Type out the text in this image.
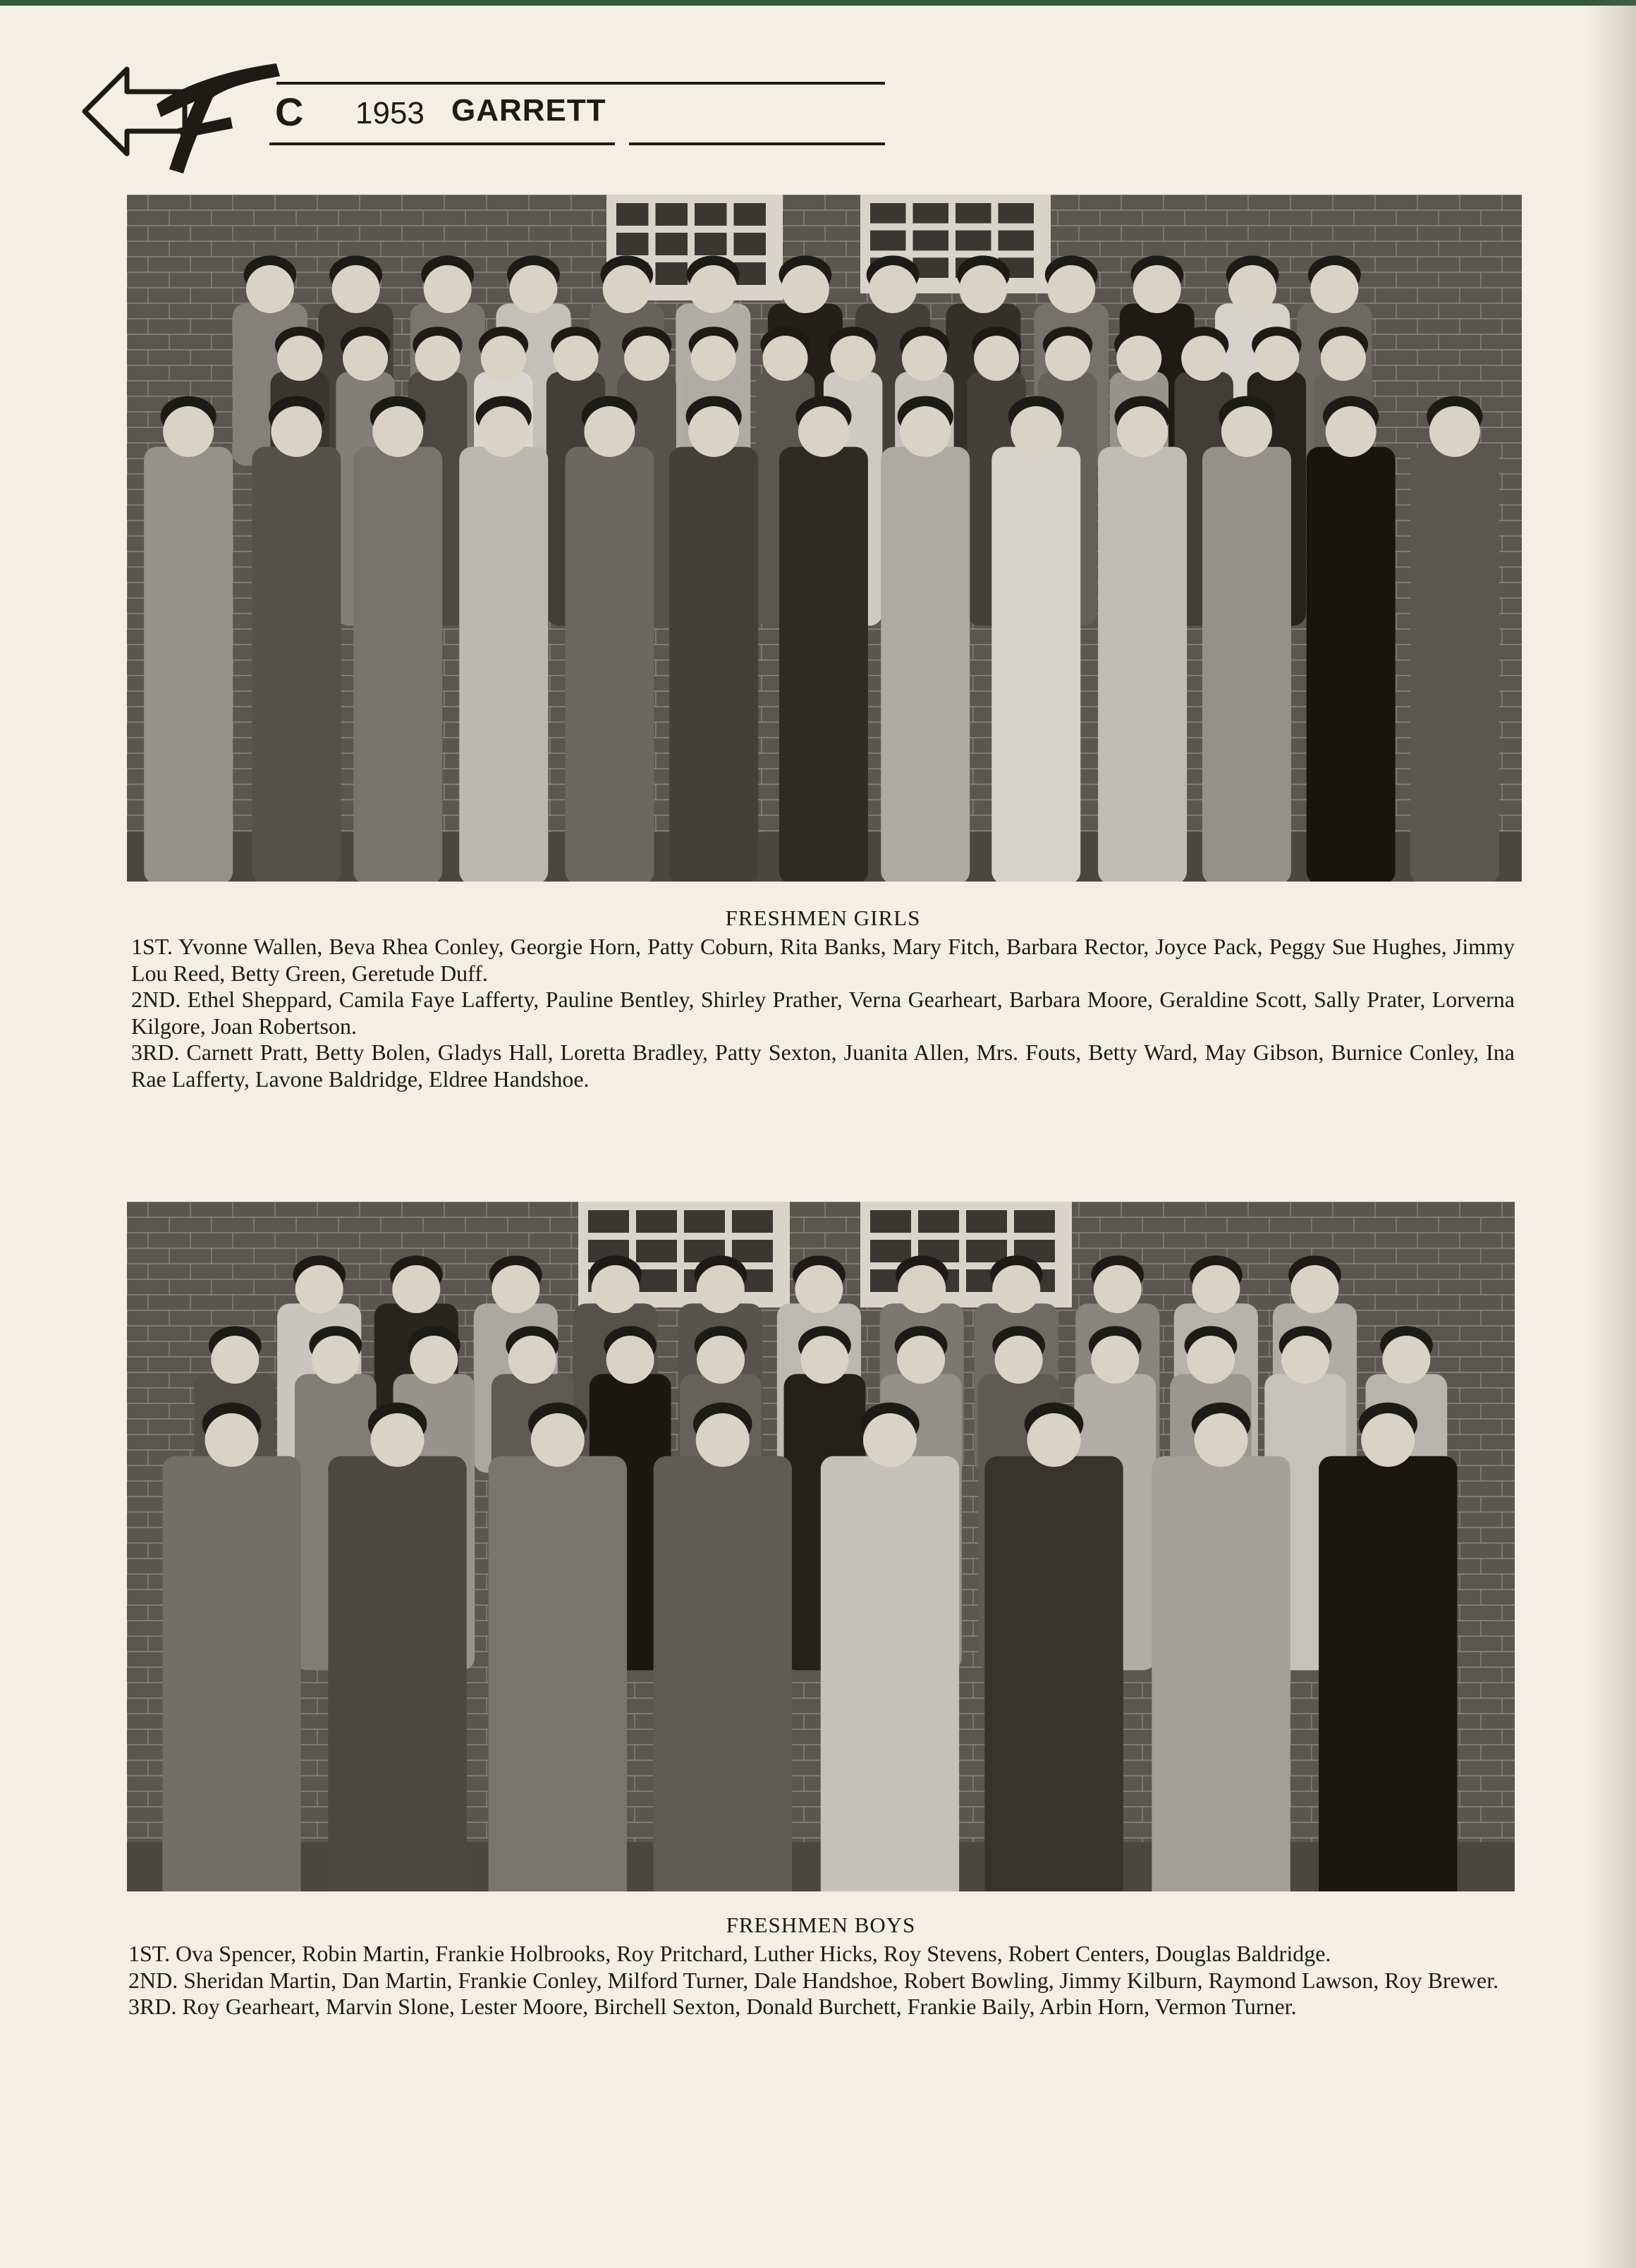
C 1953 GARRETT
FRESHMEN GIRLS

1ST. Yvonne Wallen, Beva Rhea Conley, Georgie Horn, Patty Coburn, Rita Banks, Mary Fitch, Barbara Rector, Joyce Pack, Peggy Sue Hughes, Jimmy Lou Reed, Betty Green, Geretude Duff.

2ND. Ethel Sheppard, Camila Faye Lafferty, Pauline Bentley, Shirley Prather, Verna Gearheart, Barbara Moore, Geraldine Scott, Sally Prater, Lorverna Kilgore, Joan Robertson.

3RD. Carnett Pratt, Betty Bolen, Gladys Hall, Loretta Bradley, Patty Sexton, Juanita Allen, Mrs. Fouts, Betty Ward, May Gibson, Burnice Conley, Ina Rae Lafferty, Lavone Baldridge, Eldree Handshoe.

FRESHMEN BOYS

1ST. Ova Spencer, Robin Martin, Frankie Holbrooks, Roy Pritchard, Luther Hicks, Roy Stevens, Robert Centers, Douglas Baldridge.

2ND. Sheridan Martin, Dan Martin, Frankie Conley, Milford Turner, Dale Handshoe, Robert Bowling, Jimmy Kilburn, Raymond Lawson, Roy Brewer.

3RD. Roy Gearheart, Marvin Slone, Lester Moore, Birchell Sexton, Donald Burchett, Frankie Baily, Arbin Horn, Vermon Turner.
